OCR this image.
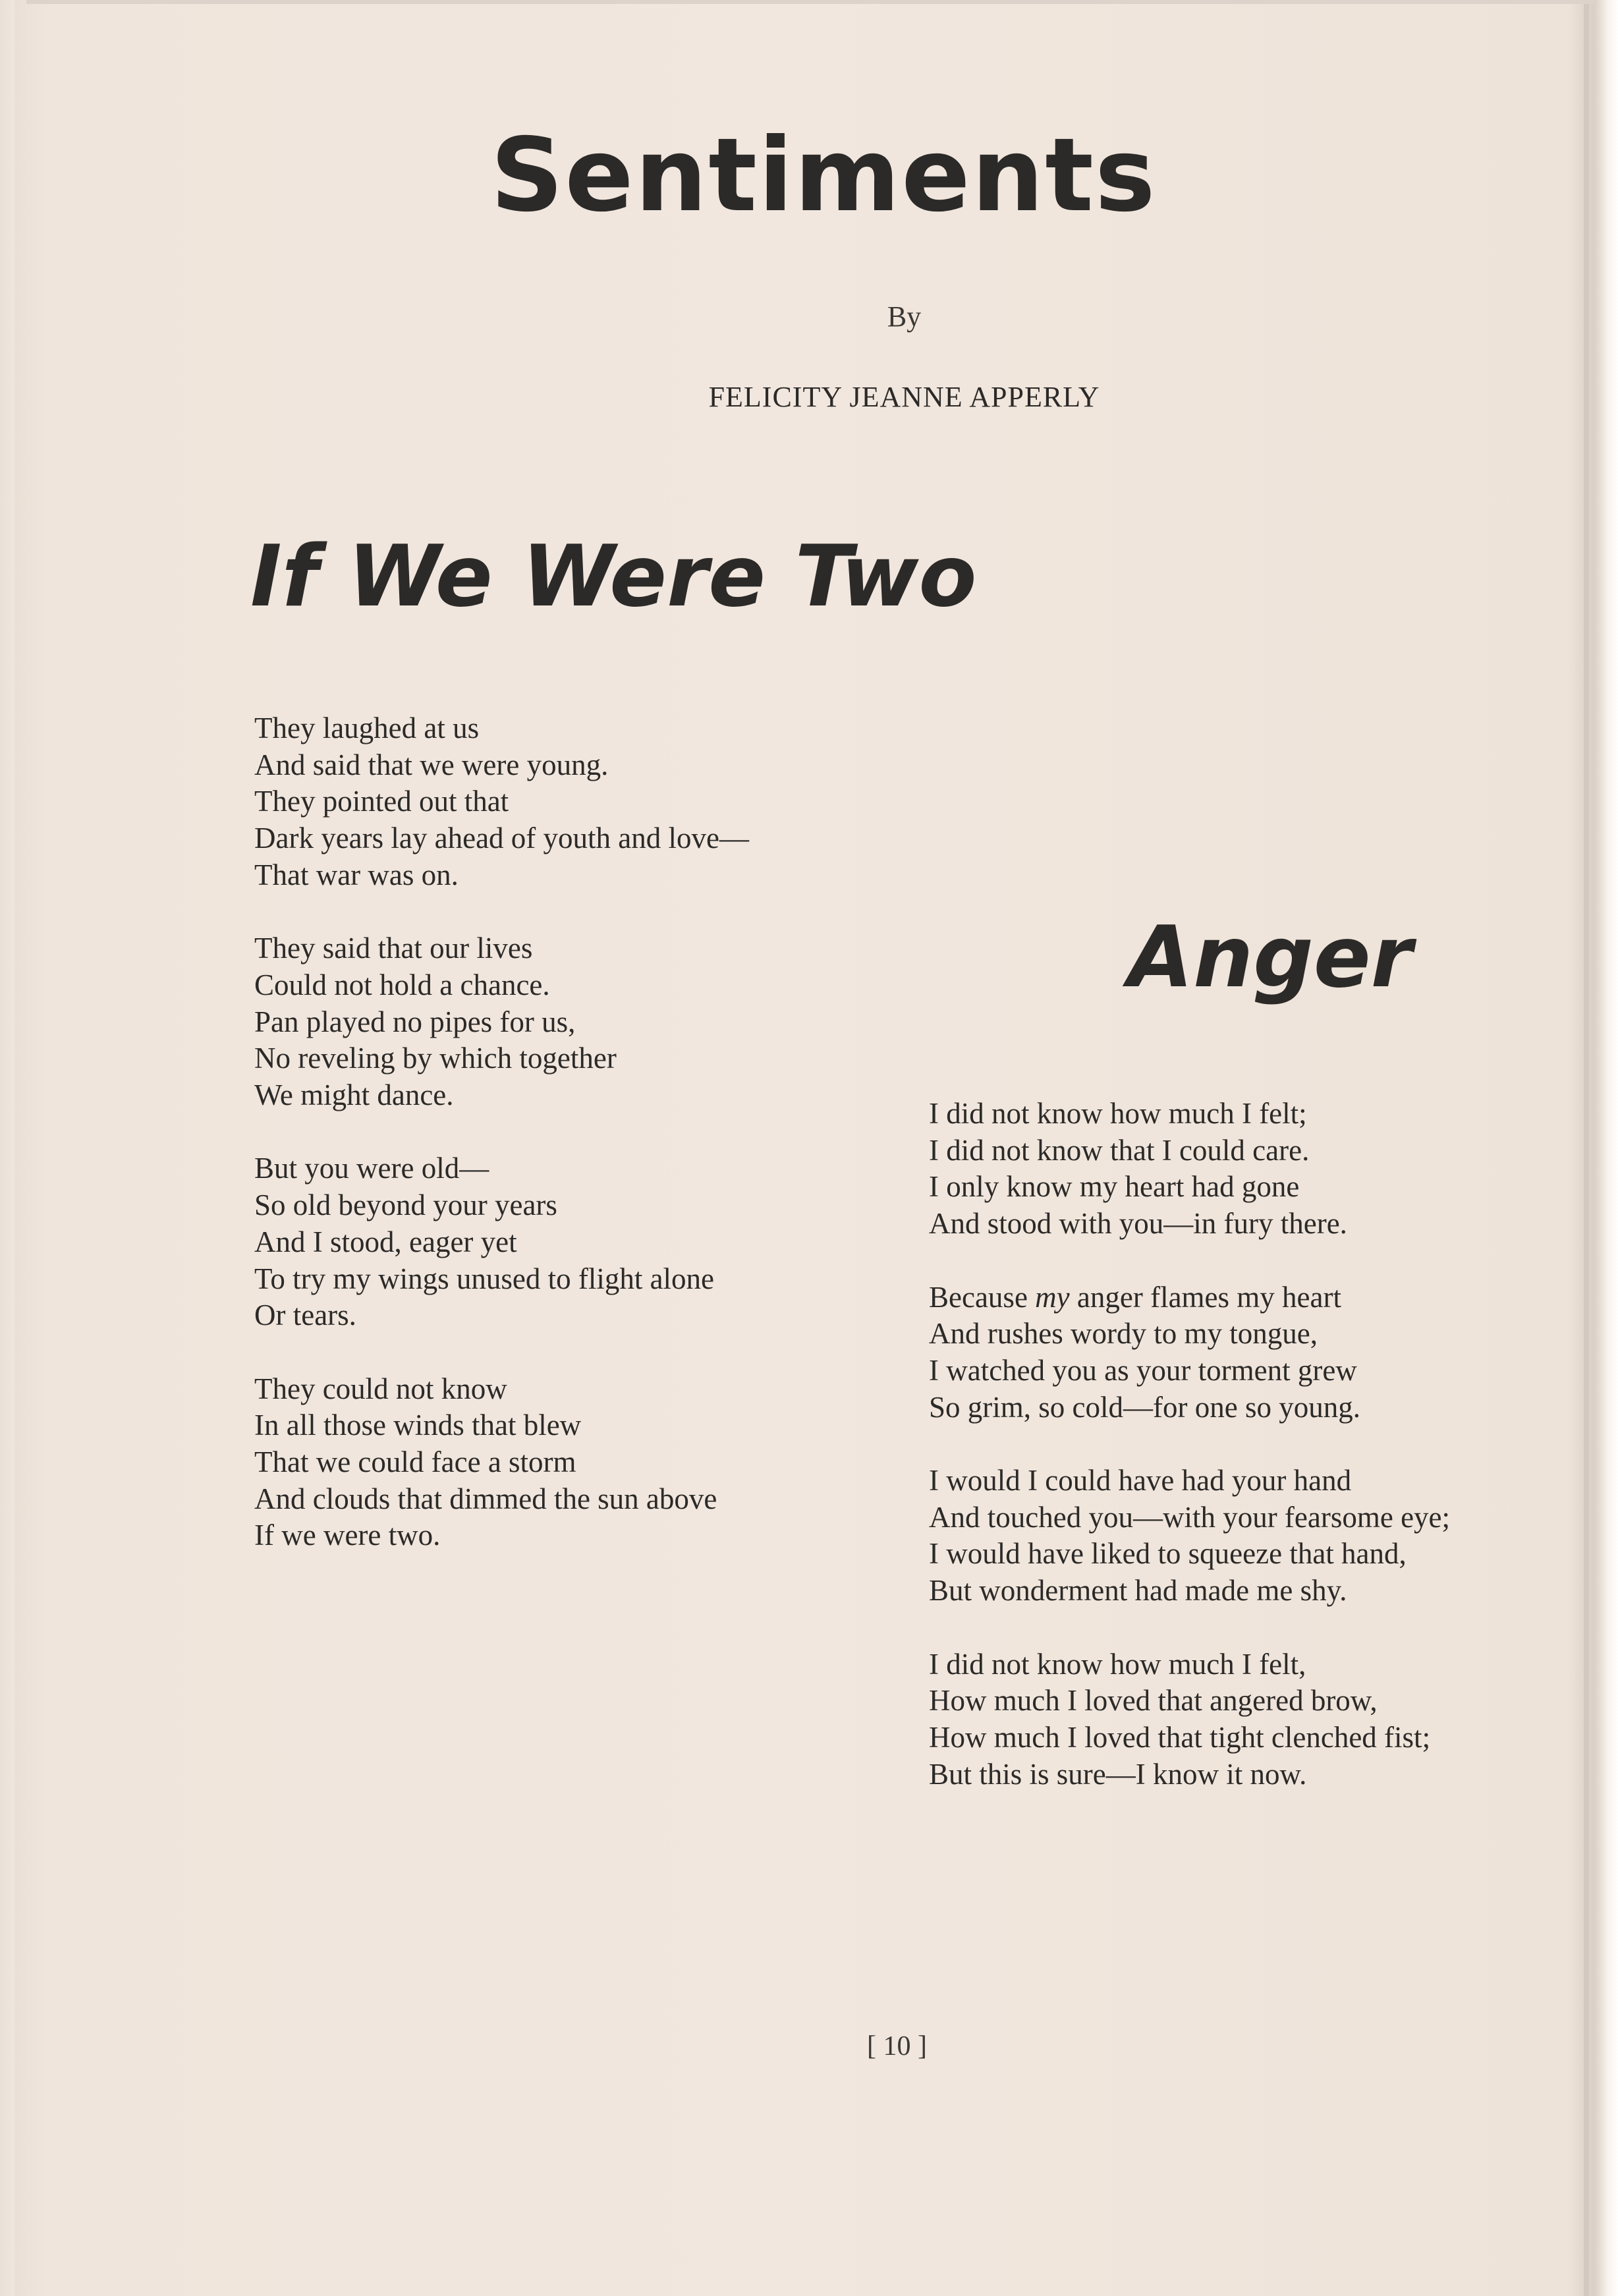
Sentiments
By
FELICITY JEANNE APPERLY
If We Were Two
They laughed at us
And said that we were young.
They pointed out that
Dark years lay ahead of youth and love—
That war was on.
They said that our lives
Could not hold a chance.
Pan played no pipes for us,
No reveling by which together
We might dance.
But you were old—
So old beyond your years
And I stood, eager yet
To try my wings unused to flight alone
Or tears.
They could not know
In all those winds that blew
That we could face a storm
And clouds that dimmed the sun above
If we were two.
Anger
I did not know how much I felt;
I did not know that I could care.
I only know my heart had gone
And stood with you—in fury there.
Because my anger flames my heart
And rushes wordy to my tongue,
I watched you as your torment grew
So grim, so cold—for one so young.
I would I could have had your hand
And touched you—with your fearsome eye;
I would have liked to squeeze that hand,
But wonderment had made me shy.
I did not know how much I felt,
How much I loved that angered brow,
How much I loved that tight clenched fist;
But this is sure—I know it now.
[ 10 ]
